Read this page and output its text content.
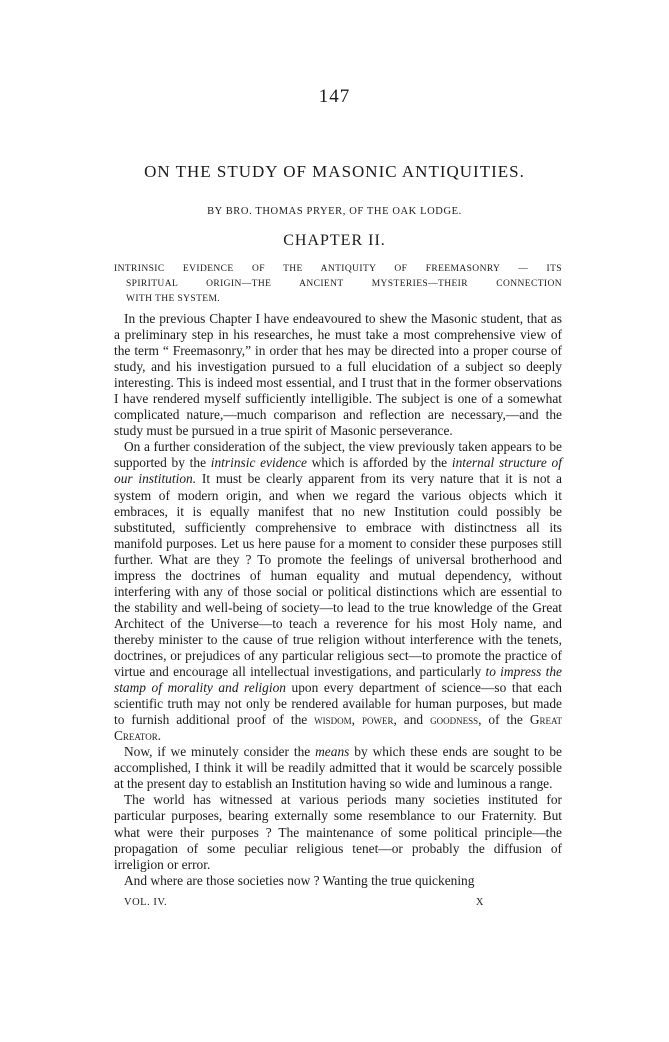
147
ON THE STUDY OF MASONIC ANTIQUITIES.
BY BRO. THOMAS PRYER, OF THE OAK LODGE.
CHAPTER II.
INTRINSIC EVIDENCE OF THE ANTIQUITY OF FREEMASONRY — ITS
SPIRITUAL ORIGIN—THE ANCIENT MYSTERIES—THEIR CONNECTION
WITH THE SYSTEM.

In the previous Chapter I have endeavoured to shew the Masonic student, that as a preliminary step in his researches, he must take a most comprehensive view of the term “ Freemasonry,” in order that hes may be directed into a proper course of study, and his investigation pursued to a full elucidation of a subject so deeply interesting. This is indeed most essential, and I trust that in the former observations I have rendered myself sufficiently intelligible. The subject is one of a somewhat complicated nature,—much comparison and reflection are necessary,—and the study must be pursued in a true spirit of Masonic perseverance.

On a further consideration of the subject, the view previously taken appears to be supported by the intrinsic evidence which is afforded by the internal structure of our institution. It must be clearly apparent from its very nature that it is not a system of modern origin, and when we regard the various objects which it embraces, it is equally manifest that no new Institution could possibly be substituted, sufficiently comprehensive to embrace with distinctness all its manifold purposes. Let us here pause for a moment to consider these purposes still further. What are they ? To promote the feelings of universal brotherhood and impress the doctrines of human equality and mutual dependency, without interfering with any of those social or political distinctions which are essential to the stability and well-being of society—to lead to the true knowledge of the Great Architect of the Universe—to teach a reverence for his most Holy name, and thereby minister to the cause of true religion without interference with the tenets, doctrines, or prejudices of any particular religious sect—to promote the practice of virtue and encourage all intellectual investigations, and particularly to impress the stamp of morality and religion upon every department of science—so that each scientific truth may not only be rendered available for human purposes, but made to furnish additional proof of the wisdom, power, and goodness, of the Great Creator.

Now, if we minutely consider the means by which these ends are sought to be accomplished, I think it will be readily admitted that it would be scarcely possible at the present day to establish an Institution having so wide and luminous a range.

The world has witnessed at various periods many societies instituted for particular purposes, bearing externally some resemblance to our Fraternity. But what were their purposes ? The maintenance of some political principle—the propagation of some peculiar religious tenet—or probably the diffusion of irreligion or error.

And where are those societies now ? Wanting the true quickening

VOL. IV.	X
